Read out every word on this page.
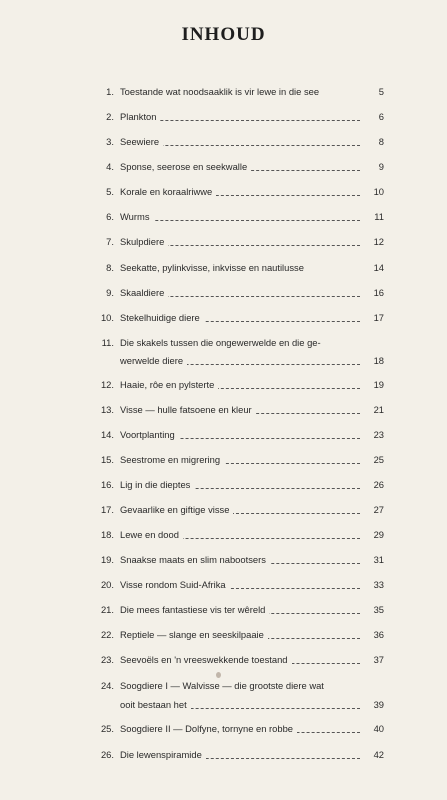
INHOUD
1. Toestande wat noodsaaklik is vir lewe in die see	5
2. Plankton	6
3. Seewiere	8
4. Sponse, seerose en seekwalle	9
5. Korale en koraalriwwe	10
6. Wurms	11
7. Skulpdiere	12
8. Seekatte, pylinkvisse, inkvisse en nautilusse	14
9. Skaaldiere	16
10. Stekelhuidige diere	17
11. Die skakels tussen die ongewerwelde en die ge-
werwelde diere	18
12. Haaie, rôe en pylsterte	19
13. Visse — hulle fatsoene en kleur	21
14. Voortplanting	23
15. Seestrome en migrering	25
16. Lig in die dieptes	26
17. Gevaarlike en giftige visse	27
18. Lewe en dood	29
19. Snaakse maats en slim nabootsers	31
20. Visse rondom Suid-Afrika	33
21. Die mees fantastiese vis ter wêreld	35
22. Reptiele — slange en seeskilpaaie	36
23. Seevoëls en 'n vreeswekkende toestand	37
24. Soogdiere I — Walvisse — die grootste diere wat
ooit bestaan het	39
25. Soogdiere II — Dolfyne, tornyne en robbe	40
26. Die lewenspiramide	42
